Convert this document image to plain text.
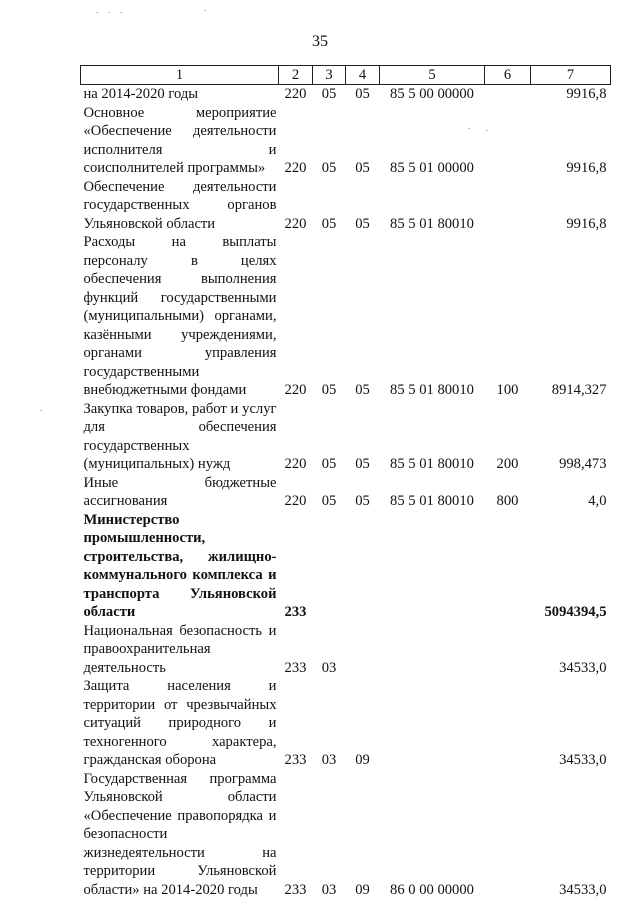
35
1	2	3	4	5	6	7
на 2014-2020 годы	220	05	05	85 5 00 00000		9916,8
Основное мероприятие «Обеспечение деятельности исполнителя и соисполнителей программы»	220	05	05	85 5 01 00000		9916,8
Обеспечение деятельности государственных органов Ульяновской области	220	05	05	85 5 01 80010		9916,8
Расходы на выплаты персоналу в целях обеспечения выполнения функций государственными (муниципальными) органами, казёнными учреждениями, органами управления государственными внебюджетными фондами	220	05	05	85 5 01 80010	100	8914,327
Закупка товаров, работ и услуг для обеспечения государственных (муниципальных) нужд	220	05	05	85 5 01 80010	200	998,473
Иные бюджетные ассигнования	220	05	05	85 5 01 80010	800	4,0
Министерство промышленности, строительства, жилищно-коммунального комплекса и транспорта Ульяновской области	233					5094394,5
Национальная безопасность и правоохранительная деятельность	233	03				34533,0
Защита населения и территории от чрезвычайных ситуаций природного и техногенного характера, гражданская оборона	233	03	09			34533,0
Государственная программа Ульяновской области «Обеспечение правопорядка и безопасности жизнедеятельности на территории Ульяновской области» на 2014-2020 годы	233	03	09	86 0 00 00000		34533,0
